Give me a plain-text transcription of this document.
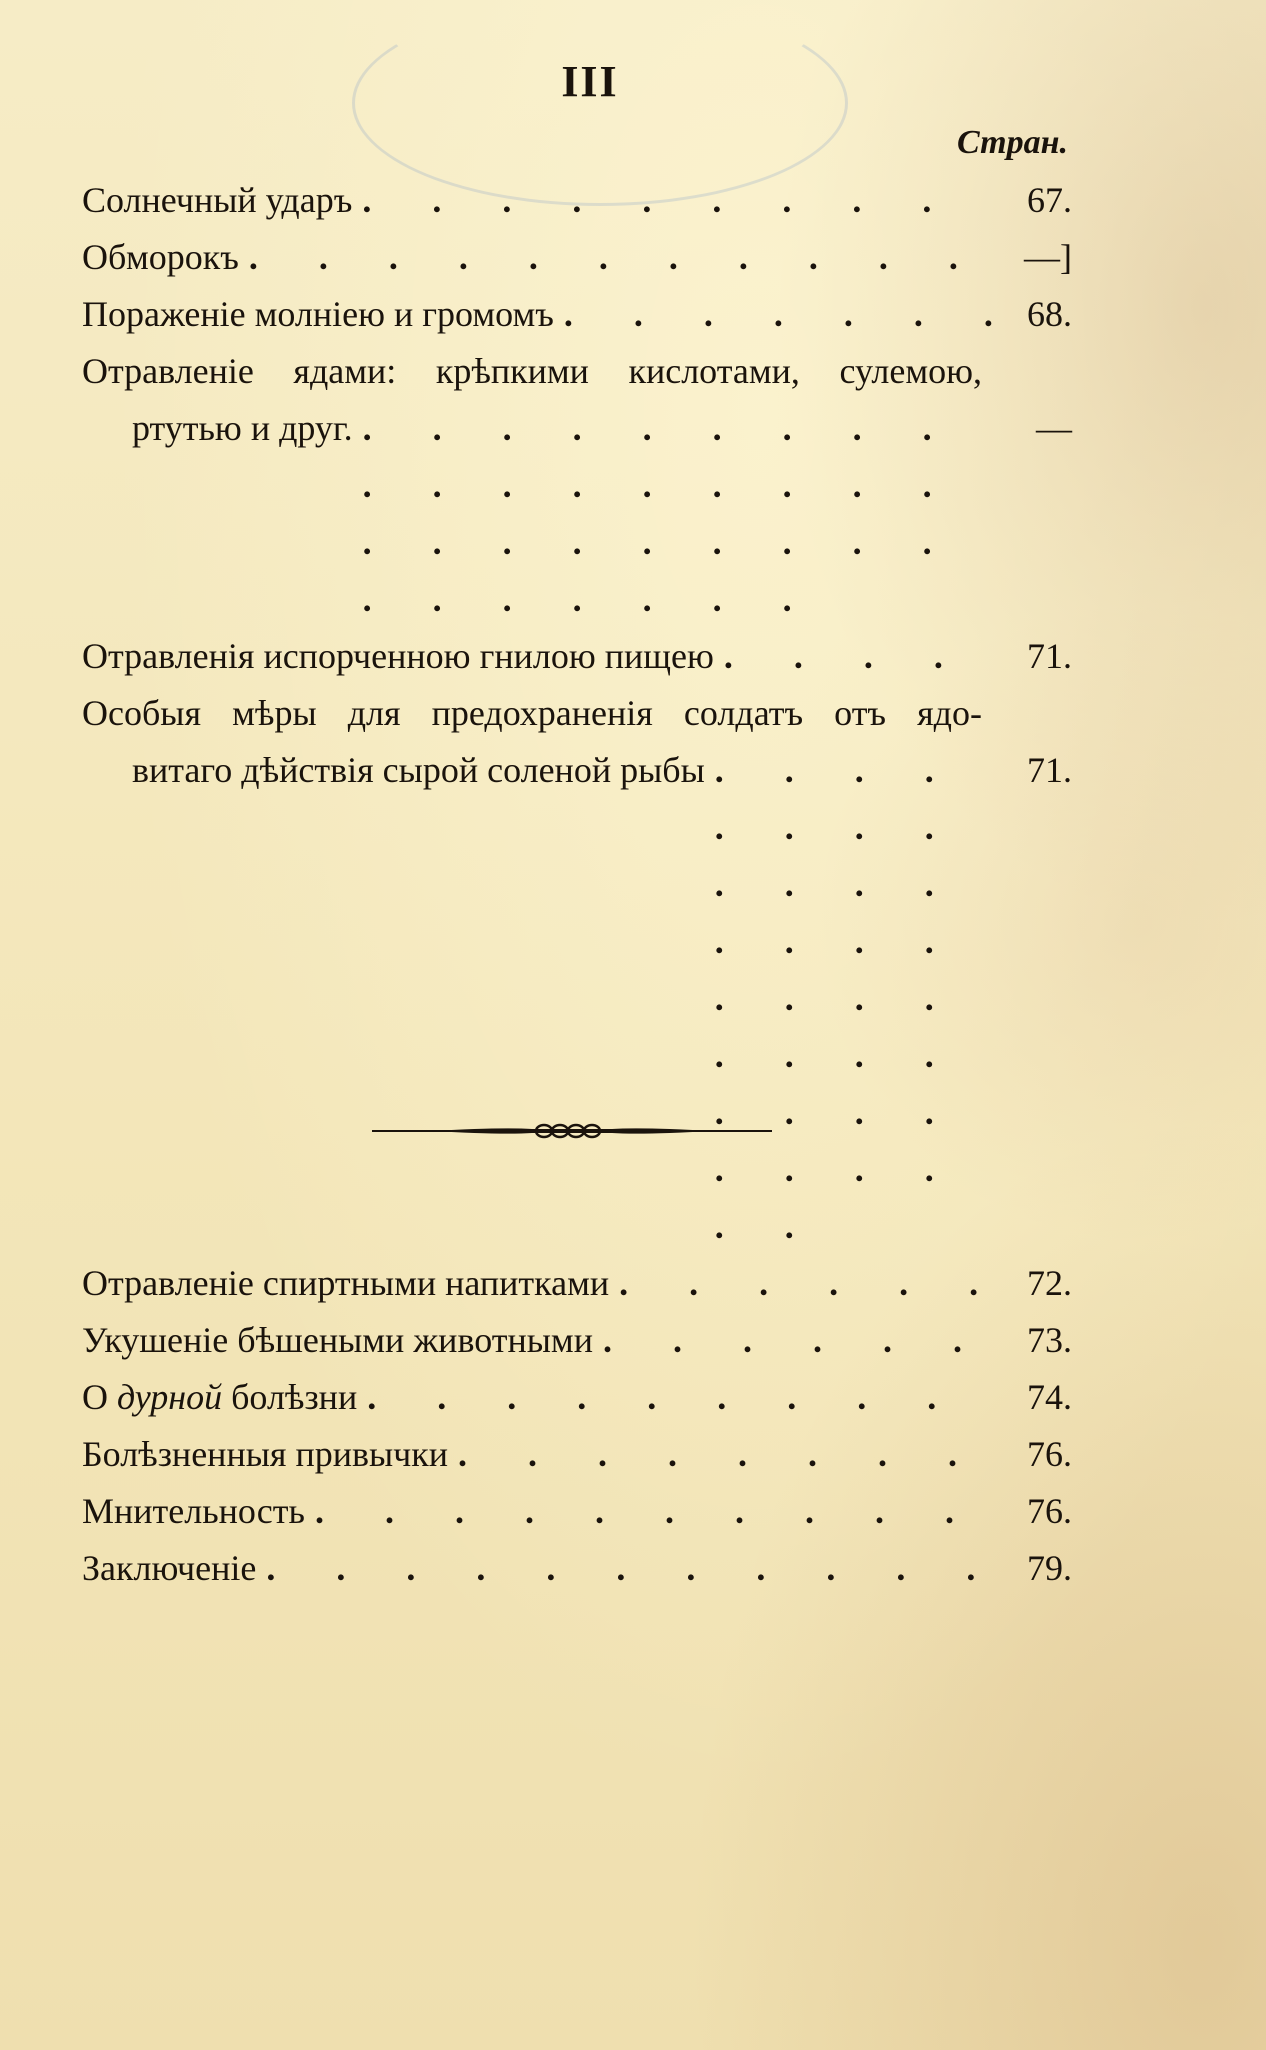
III
Стран.
Солнечный ударъ . . .	67.
Обморокъ . . .	—]
Пораженіе молніею и громомъ . . .	68.
Отравленіе ядами: крѣпкими кислотами, сулемою,
ртутью и друг. . . .	—
Отравленія испорченною гнилою пищею . . .	71.
Особыя мѣры для предохраненія солдатъ отъ ядо-
витаго дѣйствія сырой соленой рыбы . . .	71.
Отравленіе спиртными напитками . . .	72.
Укушеніе бѣшеными животными . . .	73.
О дурной болѣзни . . .	74.
Болѣзненныя привычки . . .	76.
Мнительность . . .	76.
Заключеніе . . .	79.
